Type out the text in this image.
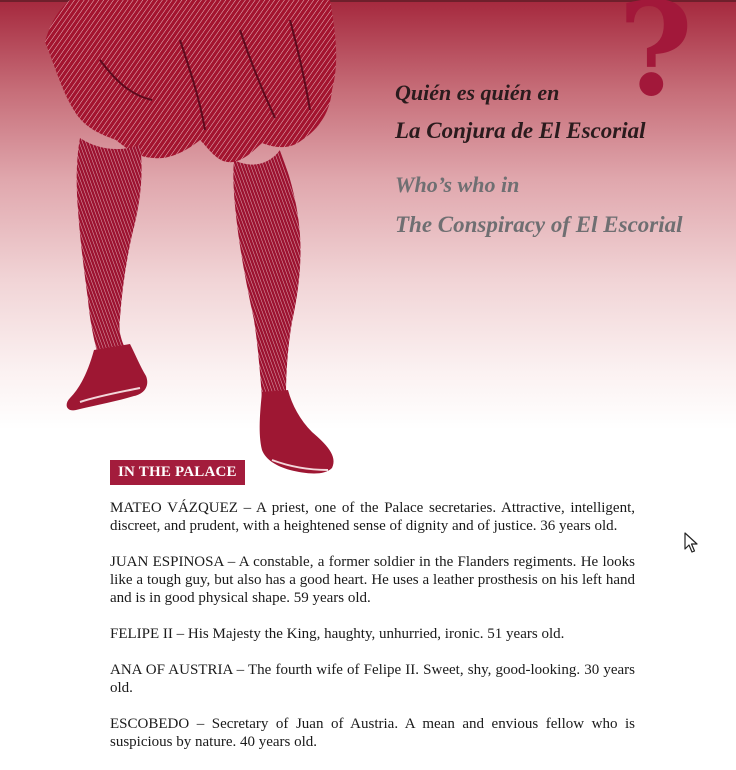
?
Quién es quién en
La Conjura de El Escorial
Who’s who in
The Conspiracy of El Escorial
IN THE PALACE
MATEO VÁZQUEZ – A priest, one of the Palace secretaries. Attractive, intelligent, discreet, and prudent, with a heightened sense of dignity and of justice. 36 years old.
JUAN ESPINOSA – A constable, a former soldier in the Flanders regiments. He looks like a tough guy, but also has a good heart. He uses a leather prosthesis on his left hand and is in good physical shape. 59 years old.
FELIPE II – His Majesty the King, haughty, unhurried, ironic. 51 years old.
ANA OF AUSTRIA – The fourth wife of Felipe II. Sweet, shy, good-looking. 30 years old.
ESCOBEDO – Secretary of Juan of Austria. A mean and envious fellow who is suspicious by nature. 40 years old.
